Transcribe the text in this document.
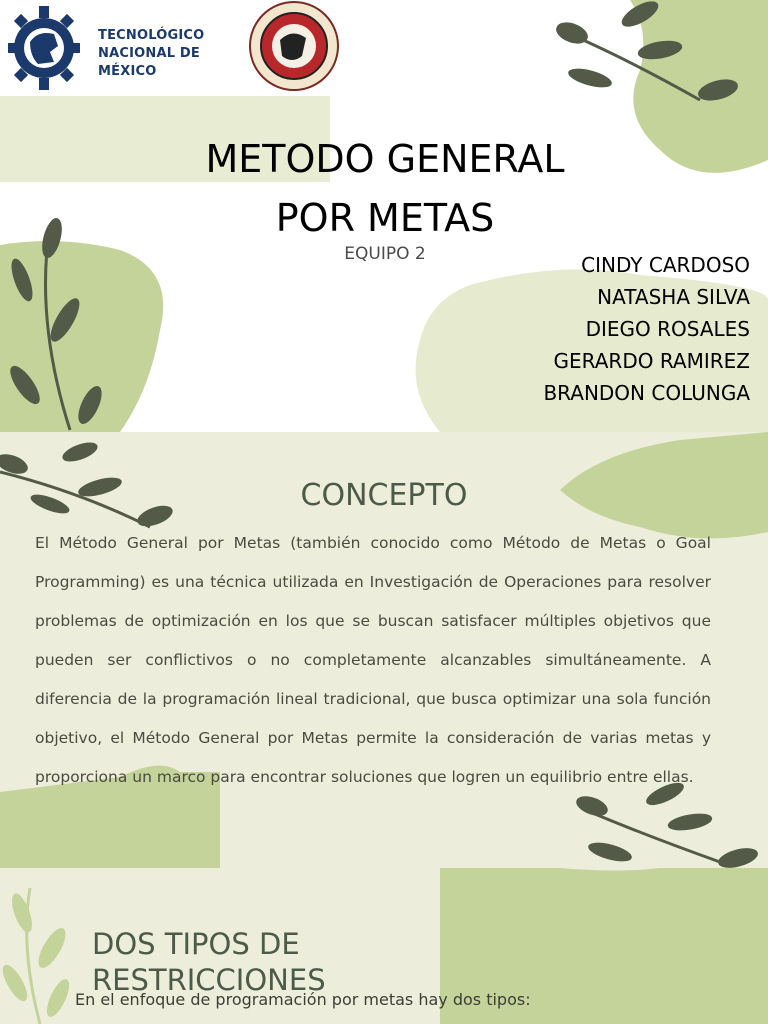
TECNOLÓGICO
NACIONAL DE MÉXICO
METODO GENERAL
POR METAS
EQUIPO 2	CINDY CARDOSO
NATASHA SILVA
DIEGO ROSALES
GERARDO RAMIREZ
BRANDON COLUNGA
CONCEPTO
El Método General por Metas (también conocido como Método de Metas o Goal Programming) es una técnica utilizada en Investigación de Operaciones para resolver problemas de optimización en los que se buscan satisfacer múltiples objetivos que pueden ser conflictivos o no completamente alcanzables simultáneamente. A diferencia de la programación lineal tradicional, que busca optimizar una sola función objetivo, el Método General por Metas permite la consideración de varias metas y proporciona un marco para encontrar soluciones que logren un equilibrio entre ellas.
DOS TIPOS DE
RESTRICCIONES
En el enfoque de programación por metas hay dos tipos:
